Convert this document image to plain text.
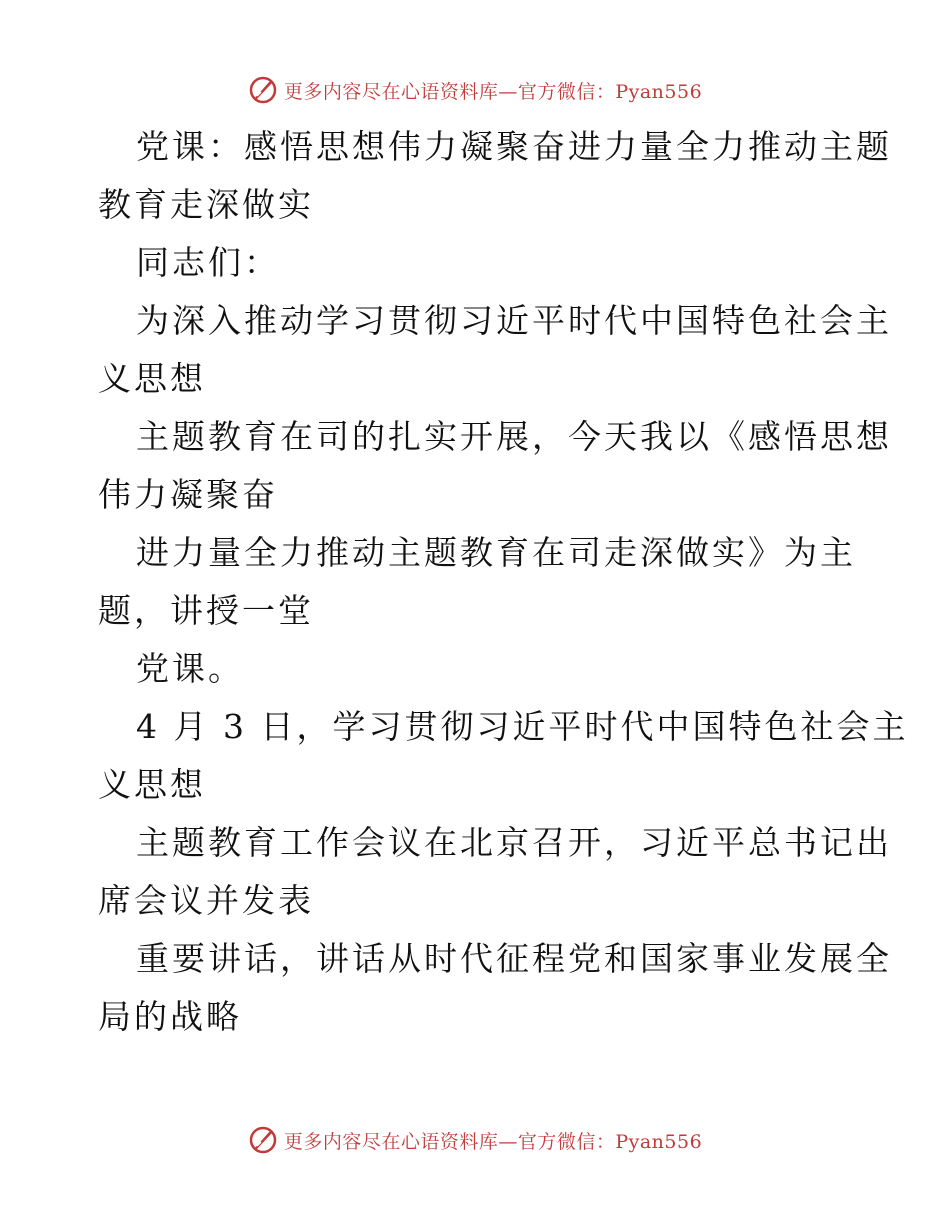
更多内容尽在心语资料库—官方微信：Pyan556
党课：感悟思想伟力凝聚奋进力量全力推动主题
教育走深做实
同志们：
为深入推动学习贯彻习近平时代中国特色社会主
义思想
主题教育在司的扎实开展，今天我以《感悟思想
伟力凝聚奋
进力量全力推动主题教育在司走深做实》为主
题，讲授一堂
党课。
4 月 3 日，学习贯彻习近平时代中国特色社会主
义思想
主题教育工作会议在北京召开，习近平总书记出
席会议并发表
重要讲话，讲话从时代征程党和国家事业发展全
局的战略
更多内容尽在心语资料库—官方微信：Pyan556
